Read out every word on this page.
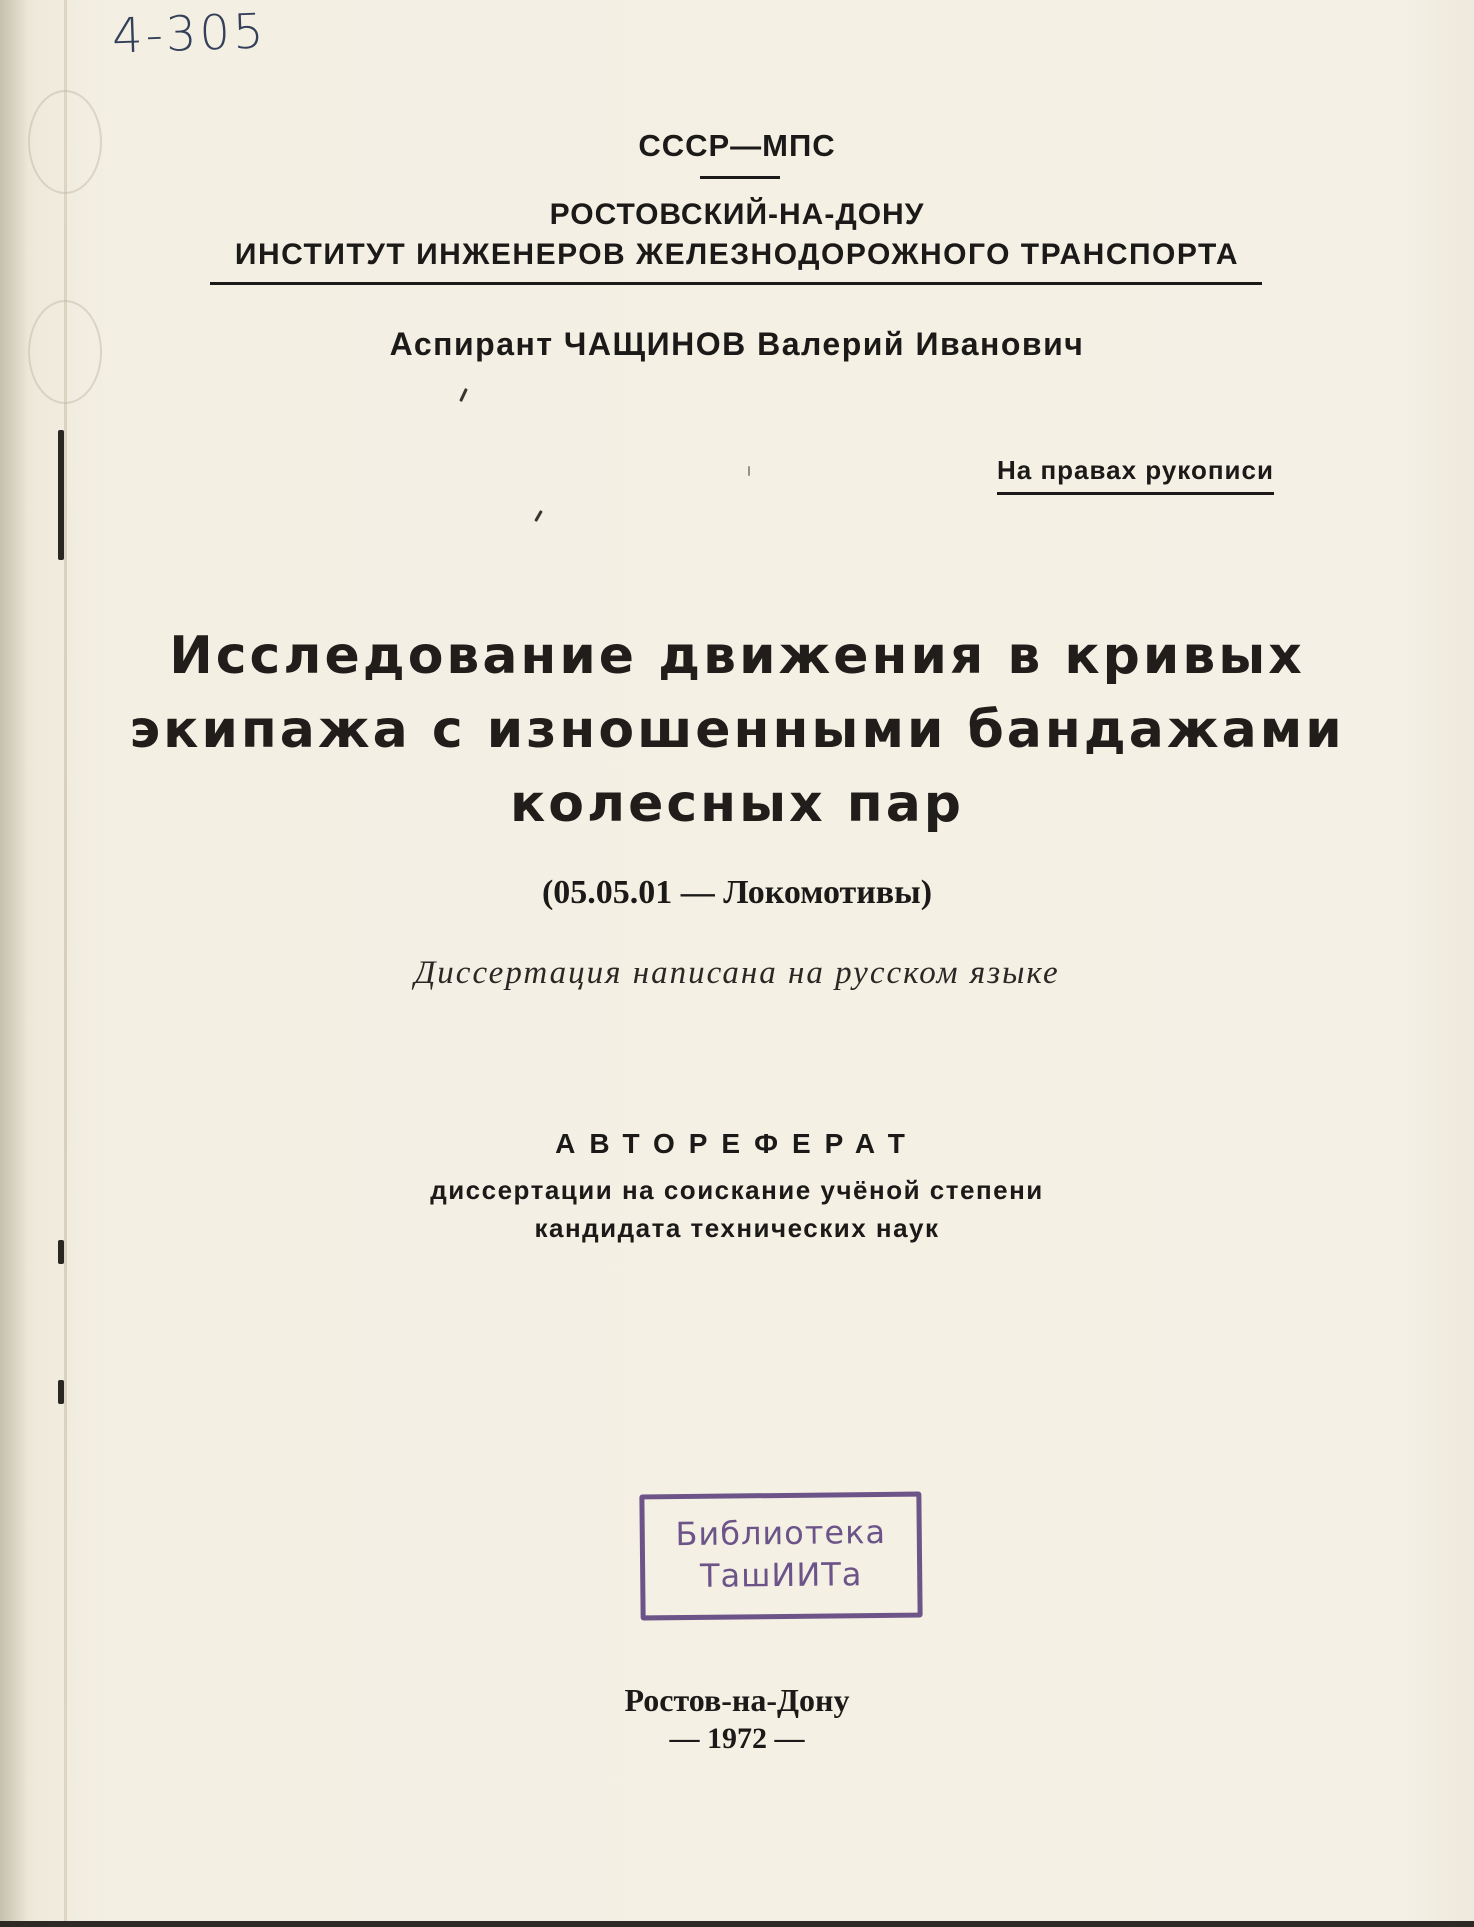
4-305
СССР—МПС
РОСТОВСКИЙ-НА-ДОНУ
ИНСТИТУТ ИНЖЕНЕРОВ ЖЕЛЕЗНОДОРОЖНОГО ТРАНСПОРТА
Аспирант ЧАЩИНОВ Валерий Иванович
На правах рукописи
Исследование движения в кривых
экипажа с изношенными бандажами
колесных пар
(05.05.01 — Локомотивы)
Диссертация написана на русском языке
АВТОРЕФЕРАТ
диссертации на соискание учёной степени
кандидата технических наук
Библиотека
ТашИИТа
Ростов-на-Дону
— 1972 —
